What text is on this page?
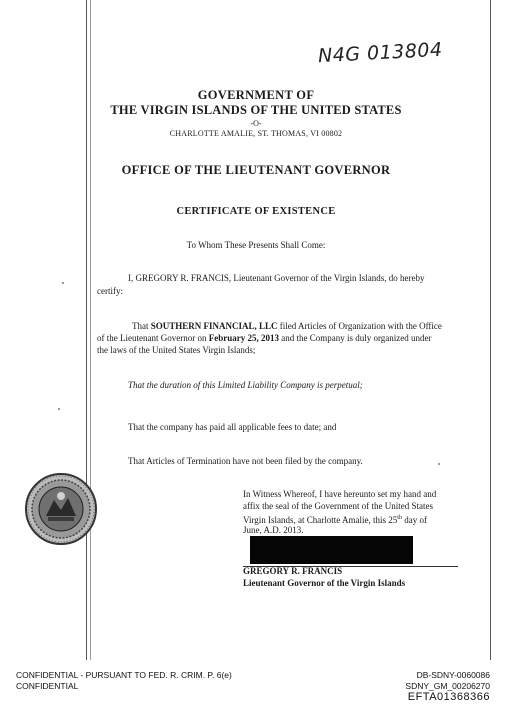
N4G 013804
GOVERNMENT OF
THE VIRGIN ISLANDS OF THE UNITED STATES
-O-
CHARLOTTE AMALIE, ST. THOMAS, VI 00802
OFFICE OF THE LIEUTENANT GOVERNOR
CERTIFICATE OF EXISTENCE
To Whom These Presents Shall Come:
I, GREGORY R. FRANCIS, Lieutenant Governor of the Virgin Islands, do hereby
certify:
That SOUTHERN FINANCIAL, LLC filed Articles of Organization with the Office
of the Lieutenant Governor on February 25, 2013 and the Company is duly organized under
the laws of the United States Virgin Islands;
That the duration of this Limited Liability Company is perpetual;
That the company has paid all applicable fees to date; and
That Articles of Termination have not been filed by the company.
In Witness Whereof, I have hereunto set my hand and
affix the seal of the Government of the United States
Virgin Islands, at Charlotte Amalie, this 25th day of
June, A.D. 2013.
GREGORY R. FRANCIS
Lieutenant Governor of the Virgin Islands
CONFIDENTIAL - PURSUANT TO FED. R. CRIM. P. 6(e)
CONFIDENTIAL
DB-SDNY-0060086
SDNY_GM_00206270
EFTA01368366
